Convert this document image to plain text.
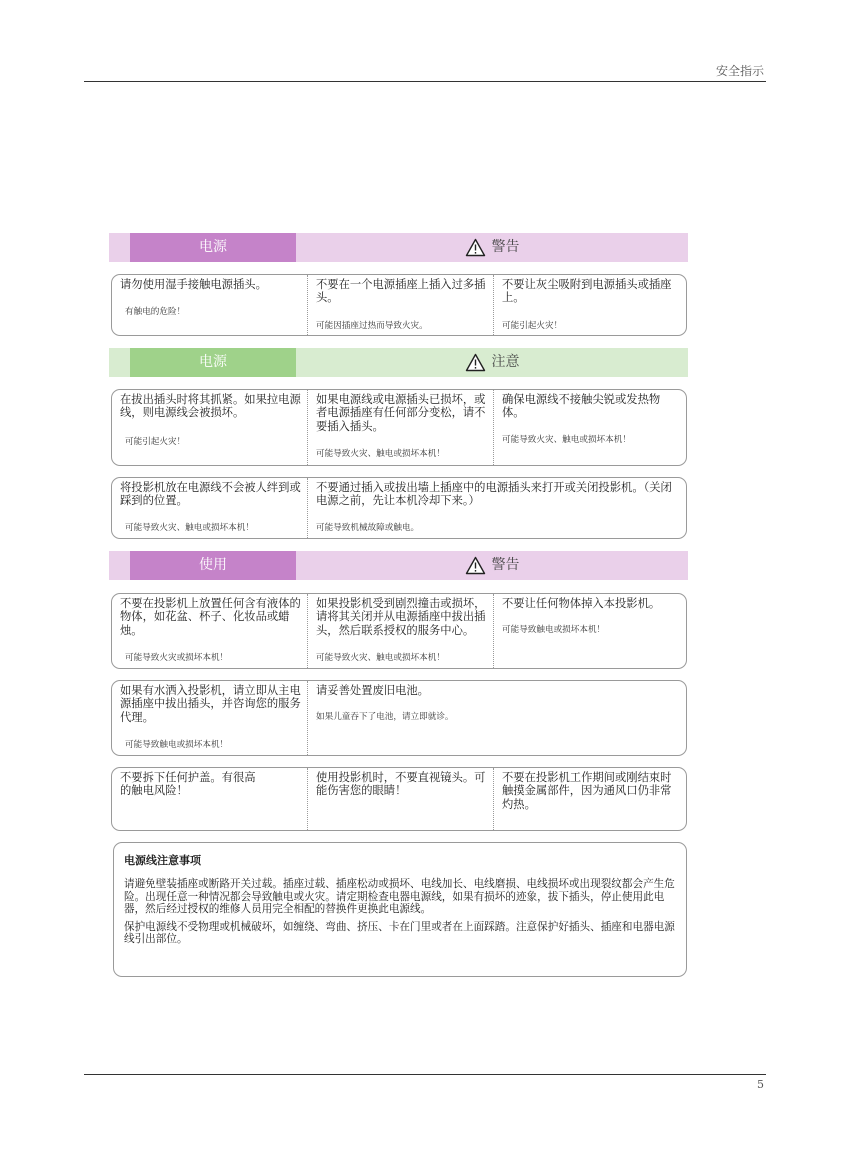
安全指示
电源	警告
请勿使用湿手接触电源插头。
有触电的危险！
不要在一个电源插座上插入过多插头。
可能因插座过热而导致火灾。
不要让灰尘吸附到电源插头或插座上。
可能引起火灾！
电源	注意
在拔出插头时将其抓紧。如果拉电源线，则电源线会被损坏。
可能引起火灾！
如果电源线或电源插头已损坏，或者电源插座有任何部分变松，请不要插入插头。
可能导致火灾、触电或损坏本机！
确保电源线不接触尖锐或发热物体。
可能导致火灾、触电或损坏本机！
将投影机放在电源线不会被人绊到或踩到的位置。
可能导致火灾、触电或损坏本机！
不要通过插入或拔出墙上插座中的电源插头来打开或关闭投影机。（关闭电源之前，先让本机冷却下来。）
可能导致机械故障或触电。
使用	警告
不要在投影机上放置任何含有液体的物体，如花盆、杯子、化妆品或蜡烛。
可能导致火灾或损坏本机！
如果投影机受到剧烈撞击或损坏，请将其关闭并从电源插座中拔出插头，然后联系授权的服务中心。
可能导致火灾、触电或损坏本机！
不要让任何物体掉入本投影机。
可能导致触电或损坏本机！
如果有水洒入投影机，请立即从主电源插座中拔出插头，并咨询您的服务代理。
可能导致触电或损坏本机！
请妥善处置废旧电池。
如果儿童吞下了电池，请立即就诊。
不要拆下任何护盖。有很高的触电风险！
使用投影机时，不要直视镜头。可能伤害您的眼睛！
不要在投影机工作期间或刚结束时触摸金属部件，因为通风口仍非常灼热。
电源线注意事项
请避免壁装插座或断路开关过载。插座过载、插座松动或损坏、电线加长、电线磨损、电线损坏或出现裂纹都会产生危险。出现任意一种情况都会导致触电或火灾。请定期检查电器电源线，如果有损坏的迹象，拔下插头，停止使用此电器，然后经过授权的维修人员用完全相配的替换件更换此电源线。
保护电源线不受物理或机械破坏，如缠绕、弯曲、挤压、卡在门里或者在上面踩踏。注意保护好插头、插座和电器电源线引出部位。
5
